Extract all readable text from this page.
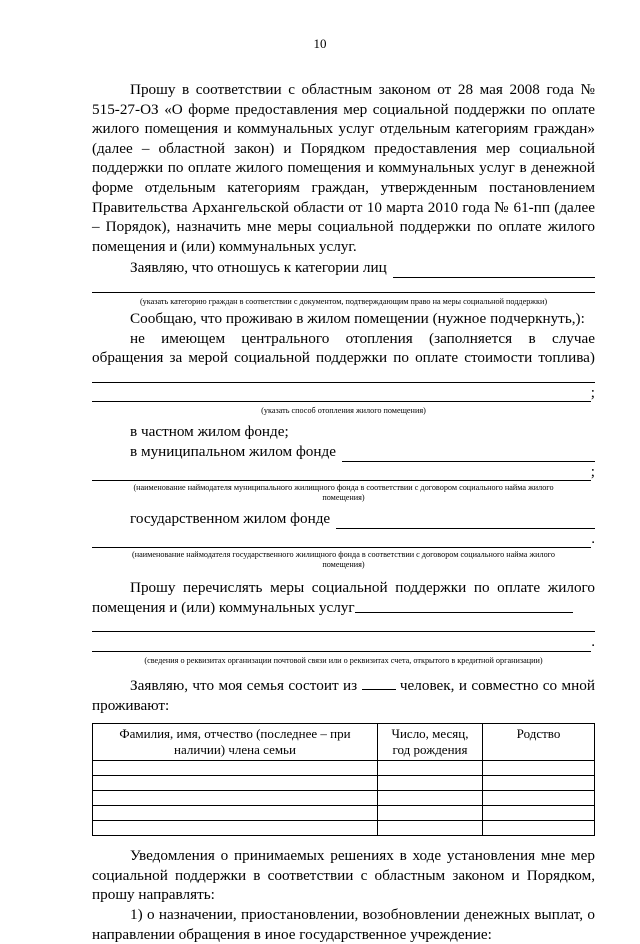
10

Прошу в соответствии с областным законом от 28 мая 2008 года № 515-27-ОЗ «О форме предоставления мер социальной поддержки по оплате жилого помещения и коммунальных услуг отдельным категориям граждан» (далее – областной закон) и Порядком предоставления мер социальной поддержки по оплате жилого помещения и коммунальных услуг в денежной форме отдельным категориям граждан, утвержденным постановлением Правительства Архангельской области от 10 марта 2010 года № 61-пп (далее – Порядок), назначить мне меры социальной поддержки по оплате жилого помещения и (или) коммунальных услуг.

Заявляю, что отношусь к категории лиц
(указать категорию граждан в соответствии с документом, подтверждающим право на меры социальной поддержки)

Сообщаю, что проживаю в жилом помещении (нужное подчеркнуть,):

не имеющем центрального отопления (заполняется в случае обращения за мерой социальной поддержки по оплате стоимости топлива)

;
(указать способ отопления жилого помещения)

в частном жилом фонде;

в муниципальном жилом фонде
;
(наименование наймодателя муниципального жилищного фонда в соответствии с договором социального найма жилого помещения)
государственном жилом фонде
.
(наименование наймодателя государственного жилищного фонда в соответствии с договором социального найма жилого помещения)

Прошу перечислять меры социальной поддержки по оплате жилого помещения и (или) коммунальных услуг

.
(сведения о реквизитах организации почтовой связи или о реквизитах счета, открытого в кредитной организации)

Заявляю, что моя семья состоит из	человек, и совместно со мной

проживают:

Фамилия, имя, отчество (последнее – при наличии) члена семьи	Число, месяц, год рождения	Родство

Уведомления о принимаемых решениях в ходе установления мне мер социальной поддержки в соответствии с областным законом и Порядком, прошу направлять:

1) о назначении, приостановлении, возобновлении денежных выплат, о направлении обращения в иное государственное учреждение:
